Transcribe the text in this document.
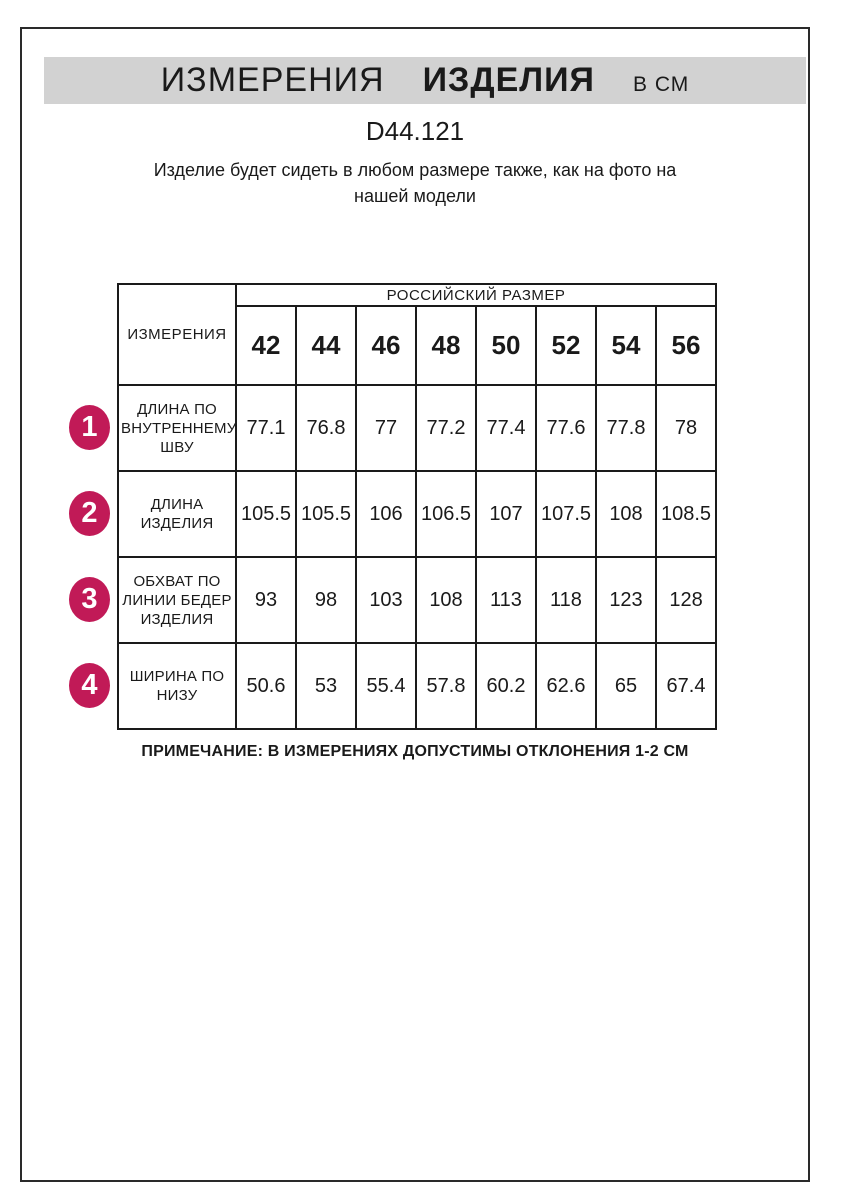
ИЗМЕРЕНИЯ ИЗДЕЛИЯ В СМ
D44.121
Изделие будет сидеть в любом размере также, как на фото на
нашей модели
1
2
3
4
ИЗМЕРЕНИЯ	РОССИЙСКИЙ РАЗМЕР							
	42	44	46	48	50	52	54	56
ДЛИНА ПО ВНУТРЕННЕМУ ШВУ	77.1	76.8	77	77.2	77.4	77.6	77.8	78
ДЛИНА ИЗДЕЛИЯ	105.5	105.5	106	106.5	107	107.5	108	108.5
ОБХВАТ ПО ЛИНИИ БЕДЕР ИЗДЕЛИЯ	93	98	103	108	113	118	123	128
ШИРИНА ПО НИЗУ	50.6	53	55.4	57.8	60.2	62.6	65	67.4
ПРИМЕЧАНИЕ: В ИЗМЕРЕНИЯХ ДОПУСТИМЫ ОТКЛОНЕНИЯ 1-2 СМ
